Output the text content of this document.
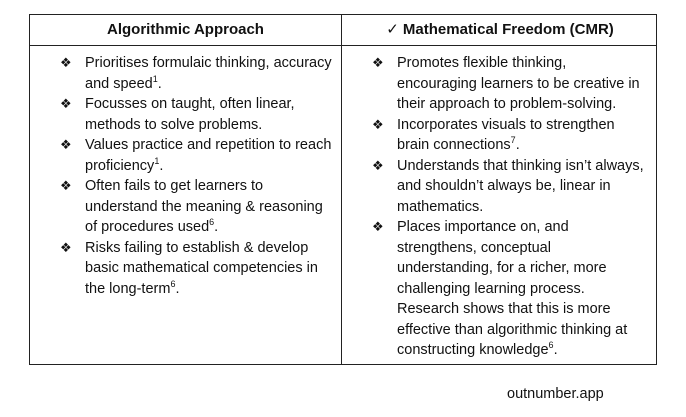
Algorithmic Approach	✓ Mathematical Freedom (CMR)
❖ Prioritises formulaic thinking, accuracy and speed$^1$.
❖ Focusses on taught, often linear, methods to solve problems.
❖ Values practice and repetition to reach proficiency$^1$.
❖ Often fails to get learners to understand the meaning & reasoning of procedures used$^6$.
❖ Risks failing to establish & develop basic mathematical competencies in the long-term$^6$.
❖ Promotes flexible thinking, encouraging learners to be creative in their approach to problem-solving.
❖ Incorporates visuals to strengthen brain connections$^7$.
❖ Understands that thinking isn’t always, and shouldn’t always be, linear in mathematics.
❖ Places importance on, and strengthens, conceptual understanding, for a richer, more challenging learning process. Research shows that this is more effective than algorithmic thinking at constructing knowledge$^6$.
outnumber.app
